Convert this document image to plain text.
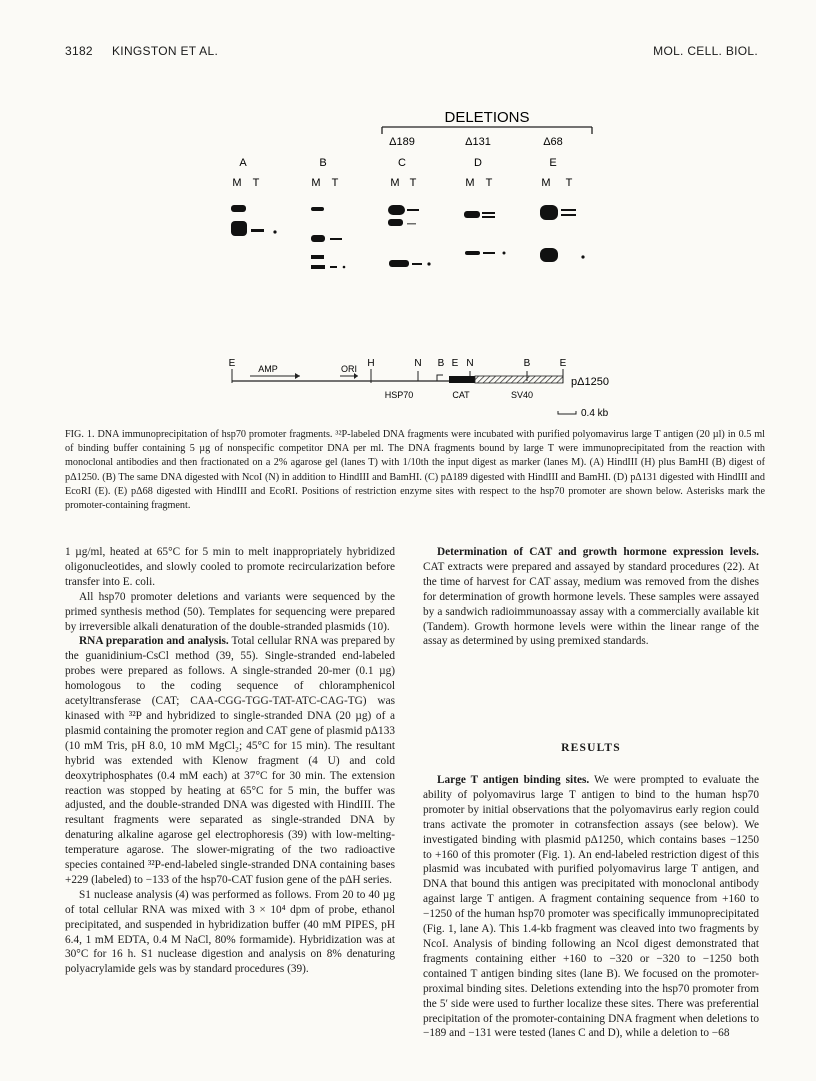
3182 KINGSTON ET AL.	MOL. CELL. BIOL.
DELETIONS
Δ189	Δ131	Δ68
A	B	C	D	E
M T	M T	M T	M T	M T
E	H	N B E N	B	E
AMP	ORI
HSP70	CAT	SV40
pΔ1250
0.4 kb
FIG. 1. DNA immunoprecipitation of hsp70 promoter fragments. ³²P-labeled DNA fragments were incubated with purified polyomavirus large T antigen (20 µl) in 0.5 ml of binding buffer containing 5 µg of nonspecific competitor DNA per ml. The DNA fragments bound by large T were immunoprecipitated from the reaction with monoclonal antibodies and then fractionated on a 2% agarose gel (lanes T) with 1/10th the input digest as marker (lanes M). (A) HindIII (H) plus BamHI (B) digest of pΔ1250. (B) The same DNA digested with NcoI (N) in addition to HindIII and BamHI. (C) pΔ189 digested with HindIII and BamHI. (D) pΔ131 digested with HindIII and EcoRI (E). (E) pΔ68 digested with HindIII and EcoRI. Positions of restriction enzyme sites with respect to the hsp70 promoter are shown below. Asterisks mark the promoter-containing fragment.

1 µg/ml, heated at 65°C for 5 min to melt inappropriately hybridized oligonucleotides, and slowly cooled to promote recircularization before transfer into E. coli.

All hsp70 promoter deletions and variants were sequenced by the primed synthesis method (50). Templates for sequencing were prepared by irreversible alkali denaturation of the double-stranded plasmids (10).

RNA preparation and analysis. Total cellular RNA was prepared by the guanidinium-CsCl method (39, 55). Single-stranded end-labeled probes were prepared as follows. A single-stranded 20-mer (0.1 µg) homologous to the coding sequence of chloramphenicol acetyltransferase (CAT; CAA-CGG-TGG-TAT-ATC-CAG-TG) was kinased with ³²P and hybridized to single-stranded DNA (20 µg) of a plasmid containing the promoter region and CAT gene of plasmid pΔ133 (10 mM Tris, pH 8.0, 10 mM MgCl₂; 45°C for 15 min). The resultant hybrid was extended with Klenow fragment (4 U) and cold deoxytriphosphates (0.4 mM each) at 37°C for 30 min. The extension reaction was stopped by heating at 65°C for 5 min, the buffer was adjusted, and the double-stranded DNA was digested with HindIII. The resultant fragments were separated as single-stranded DNA by denaturing alkaline agarose gel electrophoresis (39) with low-melting-temperature agarose. The slower-migrating of the two radioactive species contained ³²P-end-labeled single-stranded DNA containing bases +229 (labeled) to −133 of the hsp70-CAT fusion gene of the pΔH series.

S1 nuclease analysis (4) was performed as follows. From 20 to 40 µg of total cellular RNA was mixed with 3 × 10⁴ dpm of probe, ethanol precipitated, and suspended in hybridization buffer (40 mM PIPES, pH 6.4, 1 mM EDTA, 0.4 M NaCl, 80% formamide). Hybridization was at 30°C for 16 h. S1 nuclease digestion and analysis on 8% denaturing polyacrylamide gels was by standard procedures (39).

Determination of CAT and growth hormone expression levels. CAT extracts were prepared and assayed by standard procedures (22). At the time of harvest for CAT assay, medium was removed from the dishes for determination of growth hormone levels. These samples were assayed by a sandwich radioimmunoassay assay with a commercially available kit (Tandem). Growth hormone levels were within the linear range of the assay as determined by using premixed standards.

RESULTS

Large T antigen binding sites. We were prompted to evaluate the ability of polyomavirus large T antigen to bind to the human hsp70 promoter by initial observations that the polyomavirus early region could trans activate the promoter in cotransfection assays (see below). We investigated binding with plasmid pΔ1250, which contains bases −1250 to +160 of this promoter (Fig. 1). An end-labeled restriction digest of this plasmid was incubated with purified polyomavirus large T antigen, and DNA that bound this antigen was precipitated with monoclonal antibody against large T antigen. A fragment containing sequence from +160 to −1250 of the human hsp70 promoter was specifically immunoprecipitated (Fig. 1, lane A). This 1.4-kb fragment was cleaved into two fragments by NcoI. Analysis of binding following an NcoI digest demonstrated that fragments containing either +160 to −320 or −320 to −1250 both contained T antigen binding sites (lane B). We focused on the promoter-proximal binding sites. Deletions extending into the hsp70 promoter from the 5′ side were used to further localize these sites. There was preferential precipitation of the promoter-containing DNA fragment when deletions to −189 and −131 were tested (lanes C and D), while a deletion to −68
